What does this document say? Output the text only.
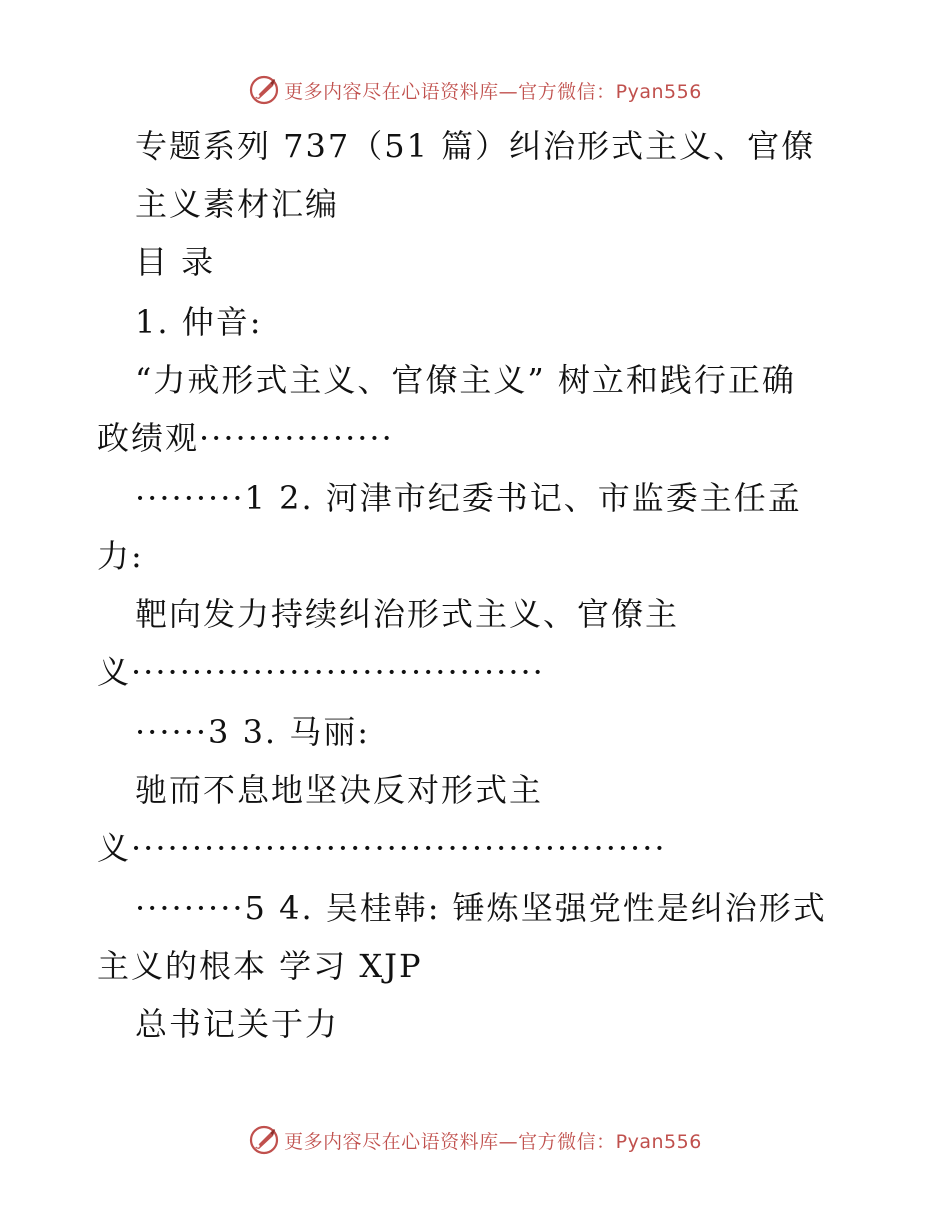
更多内容尽在心语资料库—官方微信：Pyan556
专题系列 737（51 篇）纠治形式主义、官僚
主义素材汇编
目 录
1. 仲音:
“力戒形式主义、官僚主义” 树立和践行正确
政绩观················
·········1 2. 河津市纪委书记、市监委主任孟
力:
靶向发力持续纠治形式主义、官僚主
义··································
······3 3. 马丽:
驰而不息地坚决反对形式主
义············································
·········5 4. 吴桂韩: 锤炼坚强党性是纠治形式
主义的根本 学习 XJP
总书记关于力
更多内容尽在心语资料库—官方微信：Pyan556
